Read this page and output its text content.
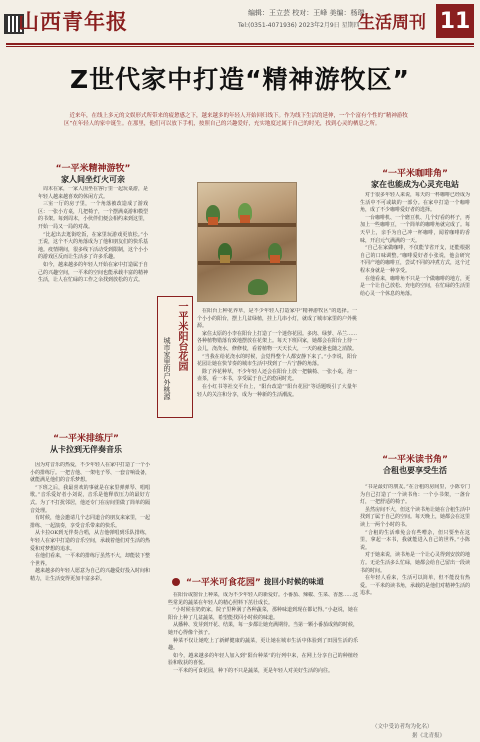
山西青年报	编辑：王立芸 校对：王峰 美编：杨瑞
Tel:(0351-4071936) 2023年2月9日 星期四
生活周刊 11
Z世代家中打造“精神游牧区”
近来年，在线上多元的文娱形式所带来的疲惫感之下，越来越多的年轻人开始回归线下。作为线下生活的延伸，一个个富有个性的“精神游牧区”在年轻人的家中诞生。在那里，他们可以放下手机，按照自己的兴趣爱好，充实地度过属于自己的时光，找到心灵的栖息之所。
“一平米精神游牧”
家人间坐灯火可亲

周末在家，一家人围坐在客厅里一起玩桌游，是年轻人越来越喜欢的休闲方式。

三室一厅的房子里，一个角落被改造成了游戏区：一张小方桌，几把椅子，一个摆满桌游和模型的书架。每到周末，小伙伴们便会相约来到这里，开始一局又一局的对战。

“比起出去逛街吃饭，在家里玩游戏更放松。”小王说，这个不大的角落成为了他和朋友们的快乐基地。疫情期间，很多线下活动受到限制，这个小小的游戏区反而让生活多了许多乐趣。

如今，越来越多的年轻人开始在家中打造属于自己的兴趣空间，一平米的空间也能承载丰富的精神生活，让人在忙碌的工作之余找到放松的方式。

一平米阳台花园
城市家里的户外桃源

在阳台上种花养草，是不少年轻人打造家中“精神游牧区”的选择。一个小小的阳台，摆上几盆绿植，挂上几串小灯，就成了城市家里的户外桃源。

家住太原的小李在阳台上打造了一个迷你花园。多肉、绿萝、吊兰……各种植物错落有致地摆放在花架上。每天下班回家，她都会在阳台上待一会儿，浇浇水，修修枝，看着植物一天天长大，一天的疲惫也随之消散。

“当我在给花浇水的时候，会觉得整个人都安静下来了。”小李说，阳台花园让她在快节奏的城市生活中找到了一片宁静的角落。

除了养花种草，不少年轻人还会在阳台上放一把躺椅、一张小桌，泡一壶茶，看一本书，享受属于自己的悠闲时光。

在小红书等社交平台上，“阳台改造”“阳台花园”等话题吸引了大量年轻人的关注和分享，成为一种新的生活潮流。

“一平米咖啡角”
家在也能成为心灵充电站

对于很多年轻人来说，每天的一杯咖啡已经成为生活中不可或缺的一部分。在家中打造一个咖啡角，成了不少咖啡爱好者的选择。

一台咖啡机、一个磨豆机、几个好看的杯子，再加上一些咖啡豆，一个简单的咖啡角就完成了。每天早上，亲手为自己冲一杯咖啡，闻着咖啡的香味，开启元气满满的一天。

“自己在家做咖啡，不仅能节省开支，还能根据自己的口味调整。”咖啡爱好者小张说，他会研究不同产地的咖啡豆，尝试不同的冲煮方式，这个过程本身就是一种享受。

在他看来，咖啡角不只是一个做咖啡的地方，更是一个让自己放松、充电的空间，在忙碌的生活里给心灵一个休息的角落。

“一平米排练厅”
从卡拉到无伴奏音乐

因为对音乐的热爱，不少年轻人在家中打造了一个小小的排练厅。一把吉他、一架电子琴、一套音响设备，就能满足他们的音乐梦想。

“下班之后，我最喜欢的事就是在家里弹弹琴、唱唱歌。”音乐爱好者小刘说，音乐是他释放压力的最好方式。为了不打扰邻居，他还专门在房间里做了简单的隔音处理。

有时候，他会邀请几个志同道合的朋友来家里，一起排练、一起演奏，享受音乐带来的快乐。

从卡拉OK到无伴奏合唱，从吉他弹唱到乐队排练，年轻人在家中打造的音乐空间，承载着他们对生活的热爱和对梦想的追求。

在他们看来，一平米的排练厅虽然不大，却能装下整个世界。

越来越多的年轻人愿意为自己的兴趣爱好投入时间和精力，让生活变得更加丰富多彩。

“一平米读书角”
合租也要享受生活

“书是最好的朋友。”在合租的房间里，小陈专门为自己打造了一个读书角：一个小书架，一盏台灯，一把舒适的椅子。

虽然房间不大，但这个读书角让她在合租生活中找到了属于自己的空间。每天晚上，她都会在这里读上一两个小时的书。

“合租的生活难免会有些嘈杂，但只要坐在这里，拿起一本书，我就能进入自己的世界。”小陈说。

对于她来说，读书角是一个让心灵得到安放的地方。无论生活多么忙碌，她都会给自己留出一段读书的时间。

在年轻人看来，生活可以简单，但不能没有热爱。一平米的读书角，承载的是他们对精神生活的追求。

“一平米可食花园” 拢回小时候的味道

在阳台或窗台上种菜，成为不少年轻人的新爱好。小番茄、辣椒、生菜、香葱……这些常见的蔬菜在年轻人的精心照料下茁壮成长。

“小时候在奶奶家，院子里种满了各种蔬菜，那种味道到现在都记得。”小赵说，她在阳台上种了几盆蔬菜，希望能找回小时候的味道。

从播种、发芽到开花、结果，每一步都让她充满期待。当第一颗小番茄成熟的时候，她开心得像个孩子。

种菜不仅让她吃上了新鲜健康的蔬菜，更让她在城市生活中体验到了田园生活的乐趣。

如今，越来越多的年轻人加入到“阳台种菜”的行列中来，在网上分享自己的种植经验和收获的喜悦。

一平米的可食花园，种下的不只是蔬菜，更是年轻人对美好生活的向往。

（文中受访者均为化名）
据《北青报》
